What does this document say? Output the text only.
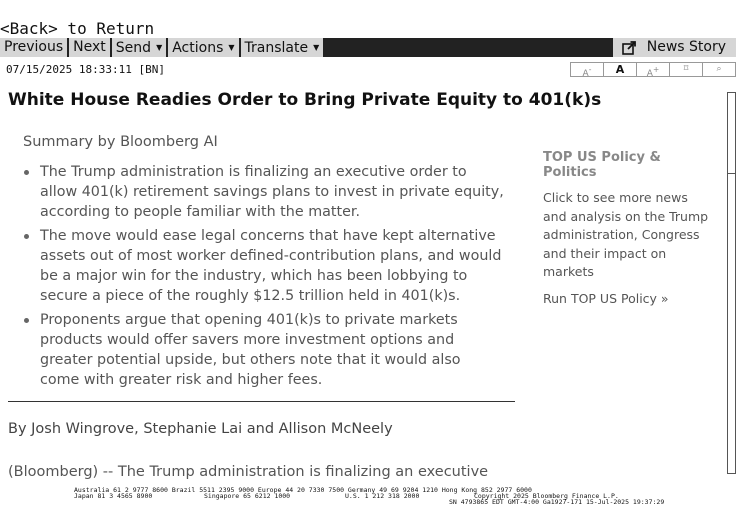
<Back> to Return
Previous Next Send ▼ Actions ▼ Translate ▼	News Story
07/15/2025 18:33:11 [BN]	A-	A	A+	⌑	⌕
White House Readies Order to Bring Private Equity to 401(k)s
Summary by Bloomberg AI
The Trump administration is finalizing an executive order to allow 401(k) retirement savings plans to invest in private equity, according to people familiar with the matter.
The move would ease legal concerns that have kept alternative assets out of most worker defined-contribution plans, and would be a major win for the industry, which has been lobbying to secure a piece of the roughly $12.5 trillion held in 401(k)s.
Proponents argue that opening 401(k)s to private markets products would offer savers more investment options and greater potential upside, but others note that it would also come with greater risk and higher fees.
By Josh Wingrove, Stephanie Lai and Allison McNeely
(Bloomberg) -- The Trump administration is finalizing an executive
TOP US Policy & Politics
Click to see more news and analysis on the Trump administration, Congress and their impact on markets
Run TOP US Policy »
Australia 61 2 9777 8600 Brazil 5511 2395 9000 Europe 44 20 7330 7500 Germany 49 69 9204 1210 Hong Kong 852 2977 6000
Japan 81 3 4565 8900	Singapore 65 6212 1000	U.S. 1 212 318 2000	Copyright 2025 Bloomberg Finance L.P.
SN 4793865 EDT GMT-4:00 Ga1927-171 15-Jul-2025 19:37:29
